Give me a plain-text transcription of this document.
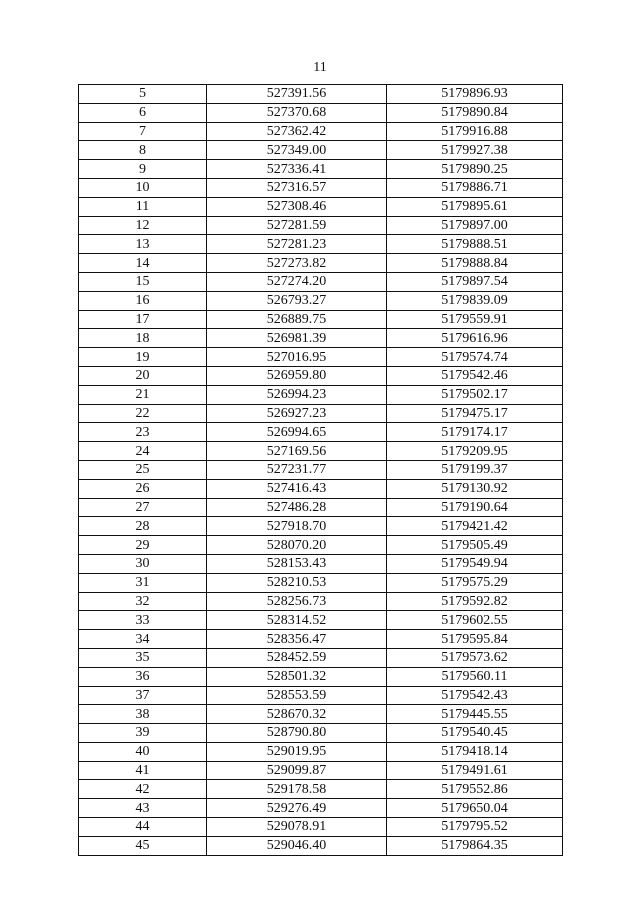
11
5	527391.56	5179896.93
6	527370.68	5179890.84
7	527362.42	5179916.88
8	527349.00	5179927.38
9	527336.41	5179890.25
10	527316.57	5179886.71
11	527308.46	5179895.61
12	527281.59	5179897.00
13	527281.23	5179888.51
14	527273.82	5179888.84
15	527274.20	5179897.54
16	526793.27	5179839.09
17	526889.75	5179559.91
18	526981.39	5179616.96
19	527016.95	5179574.74
20	526959.80	5179542.46
21	526994.23	5179502.17
22	526927.23	5179475.17
23	526994.65	5179174.17
24	527169.56	5179209.95
25	527231.77	5179199.37
26	527416.43	5179130.92
27	527486.28	5179190.64
28	527918.70	5179421.42
29	528070.20	5179505.49
30	528153.43	5179549.94
31	528210.53	5179575.29
32	528256.73	5179592.82
33	528314.52	5179602.55
34	528356.47	5179595.84
35	528452.59	5179573.62
36	528501.32	5179560.11
37	528553.59	5179542.43
38	528670.32	5179445.55
39	528790.80	5179540.45
40	529019.95	5179418.14
41	529099.87	5179491.61
42	529178.58	5179552.86
43	529276.49	5179650.04
44	529078.91	5179795.52
45	529046.40	5179864.35
